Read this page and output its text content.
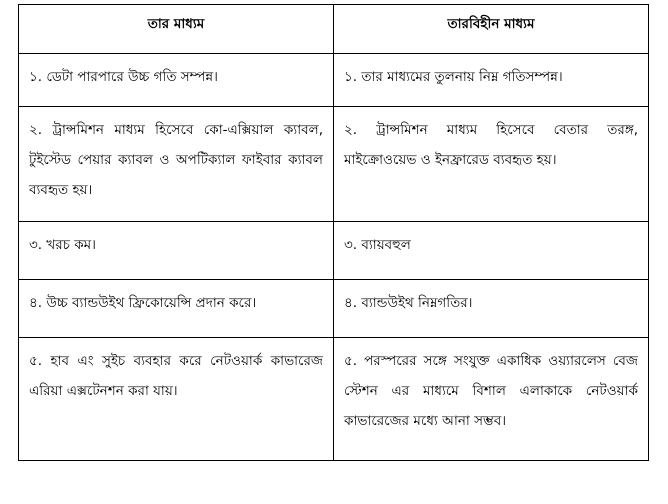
তার মাধ্যম	তারবিহীন মাধ্যম
১. ডেটা পারপারে উচ্চ গতি সম্পন্ন।	১. তার মাধ্যমের তুলনায় নিম্ন গতিসম্পন্ন।
২. ট্রান্সমিশন মাধ্যম হিসেবে কো-এক্সিয়াল ক্যাবল, টুইস্টেড পেয়ার ক্যাবল ও অপটিক্যাল ফাইবার ক্যাবল ব্যবহৃত হয়।	২. ট্রান্সমিশন মাধ্যম হিসেবে বেতার তরঙ্গ, মাইক্রোওয়েভ ও ইনফ্রারেড ব্যবহৃত হয়।
৩. খরচ কম।	৩. ব্যায়বহুল
৪. উচ্চ ব্যান্ডউইথ ফ্রিকোয়েন্সি প্রদান করে।	৪. ব্যান্ডউইথ নিম্নগতির।
৫. হাব এং সুইচ ব্যবহার করে নেটওয়ার্ক কাভারেজ এরিয়া এক্সটেনশন করা যায়।	৫. পরস্পরের সঙ্গে সংযুক্ত একাধিক ওয়্যারলেস বেজ স্টেশন এর মাধ্যমে বিশাল এলাকাকে নেটওয়ার্ক কাভারেজের মধ্যে আনা সম্ভব।
